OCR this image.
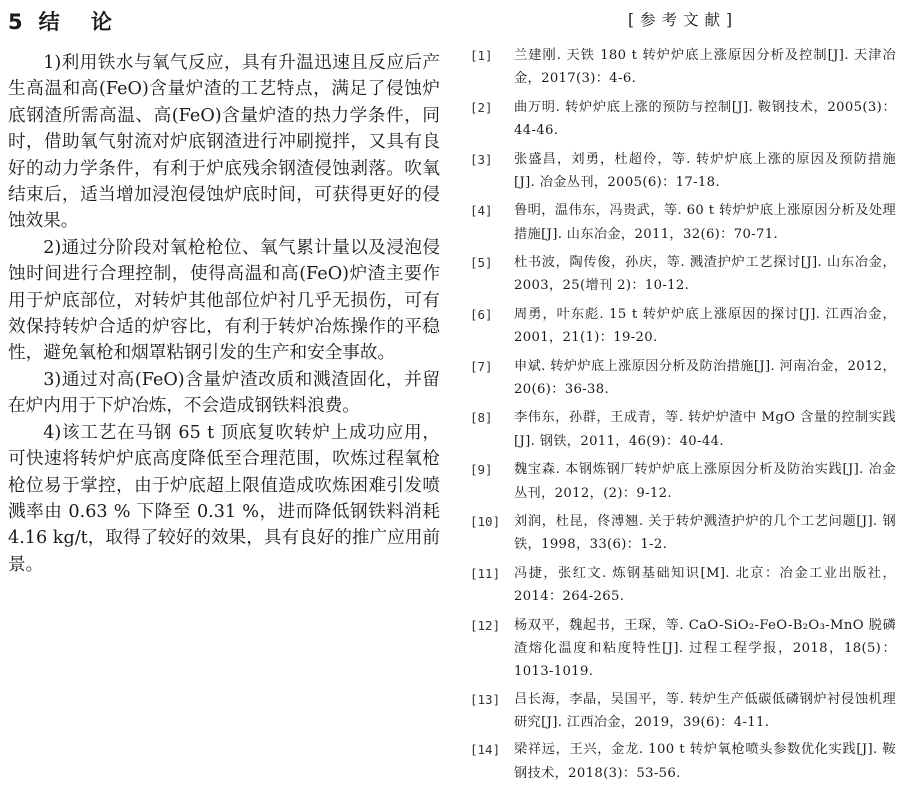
5 结 论

1)利用铁水与氧气反应，具有升温迅速且反应后产生高温和高(FeO)含量炉渣的工艺特点，满足了侵蚀炉底钢渣所需高温、高(FeO)含量炉渣的热力学条件，同时，借助氧气射流对炉底钢渣进行冲刷搅拌，又具有良好的动力学条件，有利于炉底残余钢渣侵蚀剥落。吹氧结束后，适当增加浸泡侵蚀炉底时间，可获得更好的侵蚀效果。

2)通过分阶段对氧枪枪位、氧气累计量以及浸泡侵蚀时间进行合理控制，使得高温和高(FeO)炉渣主要作用于炉底部位，对转炉其他部位炉衬几乎无损伤，可有效保持转炉合适的炉容比，有利于转炉冶炼操作的平稳性，避免氧枪和烟罩粘钢引发的生产和安全事故。

3)通过对高(FeO)含量炉渣改质和溅渣固化，并留在炉内用于下炉冶炼，不会造成钢铁料浪费。

4)该工艺在马钢 65 t 顶底复吹转炉上成功应用，可快速将转炉炉底高度降低至合理范围，吹炼过程氧枪枪位易于掌控，由于炉底超上限值造成吹炼困难引发喷溅率由 0.63 % 下降至 0.31 %，进而降低钢铁料消耗4.16 kg/t，取得了较好的效果，具有良好的推广应用前景。

[参考文献]
[1]	兰建刚. 天铁 180 t 转炉炉底上涨原因分析及控制[J]. 天津冶金，2017(3)：4-6.
[2]	曲万明. 转炉炉底上涨的预防与控制[J]. 鞍钢技术，2005(3)：44-46.
[3]	张盛昌，刘勇，杜超伶，等. 转炉炉底上涨的原因及预防措施[J]. 冶金丛刊，2005(6)：17-18.
[4]	鲁明，温伟东，冯贵武，等. 60 t 转炉炉底上涨原因分析及处理措施[J]. 山东冶金，2011，32(6)：70-71.
[5]	杜书波，陶传俊，孙庆，等. 溅渣护炉工艺探讨[J]. 山东冶金，2003，25(增刊 2)：10-12.
[6]	周勇，叶东彪. 15 t 转炉炉底上涨原因的探讨[J]. 江西冶金，2001，21(1)：19-20.
[7]	申斌. 转炉炉底上涨原因分析及防治措施[J]. 河南冶金，2012，20(6)：36-38.
[8]	李伟东，孙群，王成青，等. 转炉炉渣中 MgO 含量的控制实践[J]. 钢铁，2011，46(9)：40-44.
[9]	魏宝森. 本钢炼钢厂转炉炉底上涨原因分析及防治实践[J]. 冶金丛刊，2012，(2)：9-12.
[10]	刘润，杜昆，佟溥翘. 关于转炉溅渣护炉的几个工艺问题[J]. 钢铁，1998，33(6)：1-2.
[11]	冯捷，张红文. 炼钢基础知识[M]. 北京：冶金工业出版社，2014：264-265.
[12]	杨双平，魏起书，王琛，等. CaO-SiO₂-FeO-B₂O₃-MnO 脱磷渣熔化温度和粘度特性[J]. 过程工程学报，2018，18(5)：1013-1019.
[13]	吕长海，李晶，吴国平，等. 转炉生产低碳低磷钢炉衬侵蚀机理研究[J]. 江西冶金，2019，39(6)：4-11.
[14]	梁祥远，王兴，金龙. 100 t 转炉氧枪喷头参数优化实践[J]. 鞍钢技术，2018(3)：53-56.
